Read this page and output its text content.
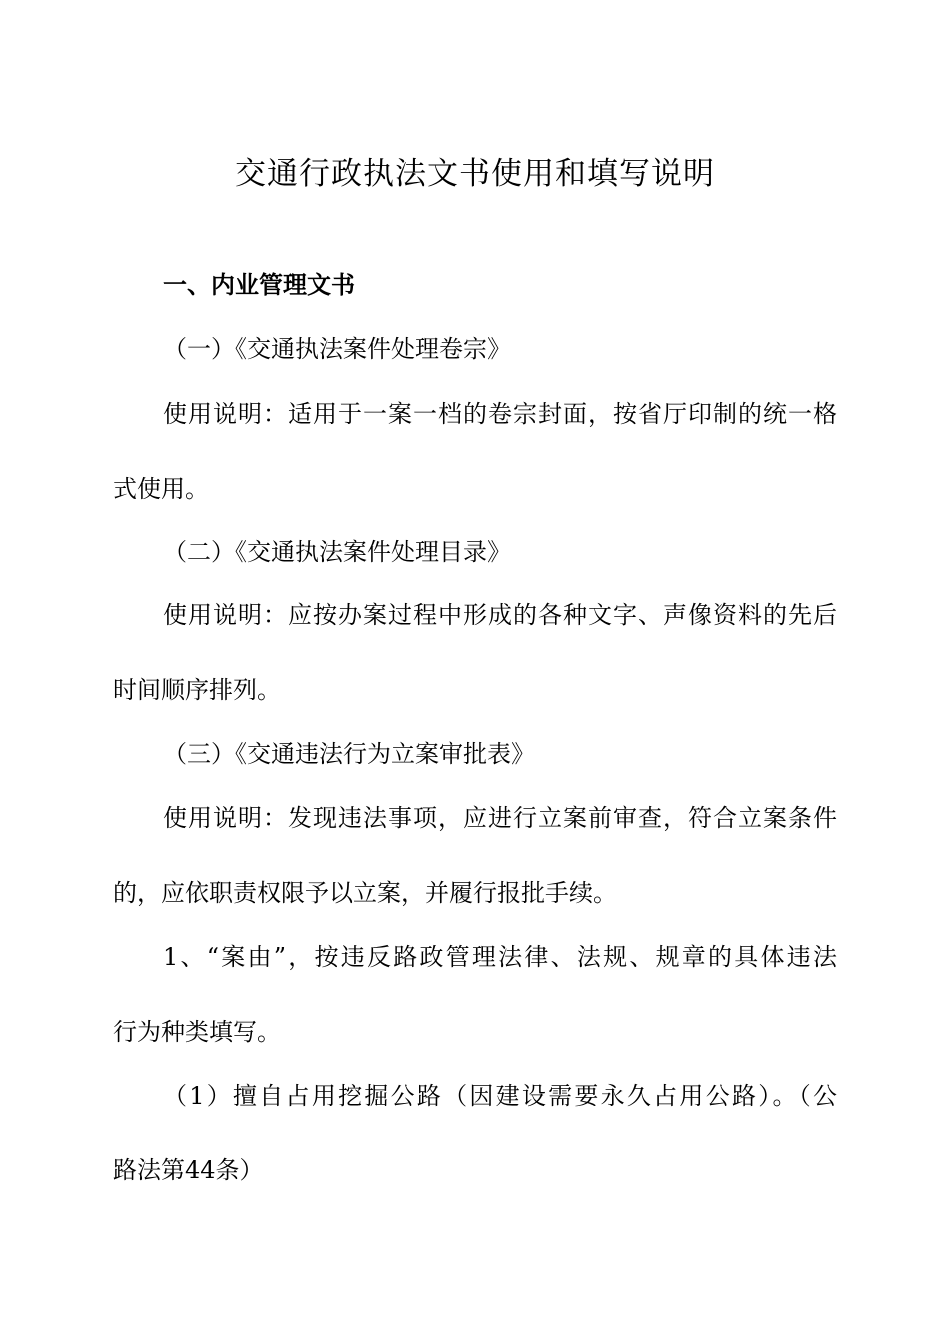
交通行政执法文书使用和填写说明

一、内业管理文书

（一）《交通执法案件处理卷宗》

使用说明：适用于一案一档的卷宗封面，按省厅印制的统一格

式使用。

（二）《交通执法案件处理目录》

使用说明：应按办案过程中形成的各种文字、声像资料的先后

时间顺序排列。

（三）《交通违法行为立案审批表》

使用说明：发现违法事项，应进行立案前审查，符合立案条件

的，应依职责权限予以立案，并履行报批手续。

1、“案由”，按违反路政管理法律、法规、规章的具体违法

行为种类填写。

（1）擅自占用挖掘公路（因建设需要永久占用公路）。（公

路法第44条）
